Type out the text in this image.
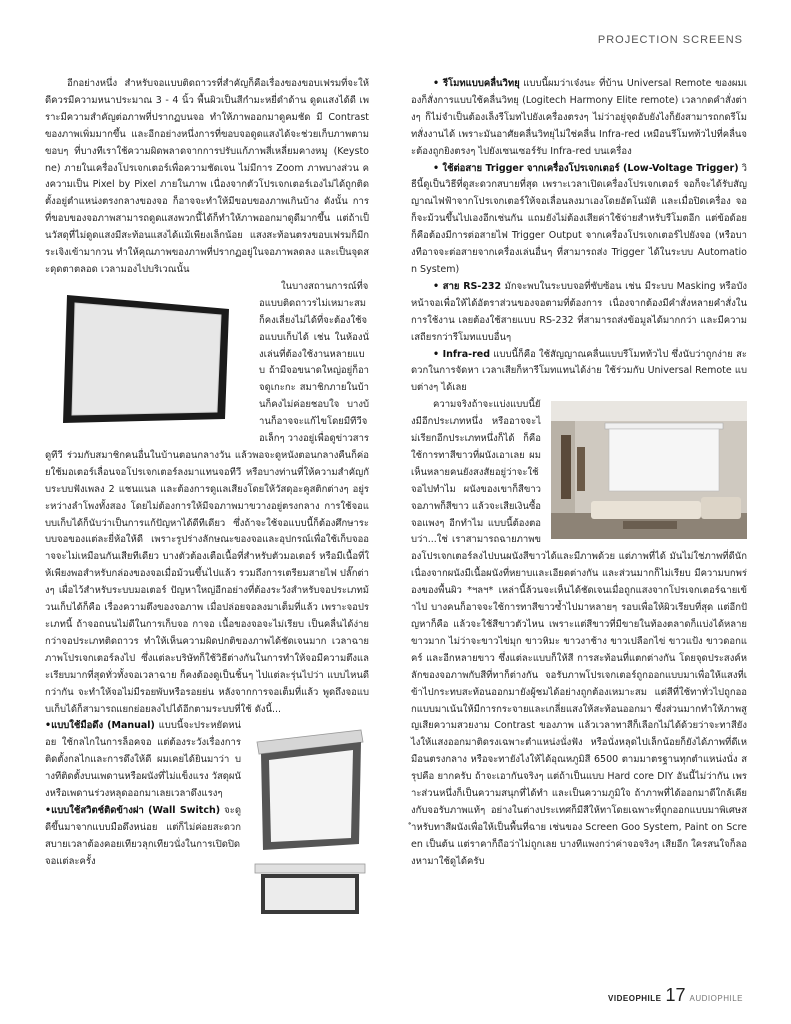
PROJECTION SCREENS

อีกอย่างหนึ่ง สำหรับจอแบบติดถาวรที่สำคัญก็คือเรื่องของขอบเฟรมที่จะให้ดีควรมีความหนาประมาณ 3 - 4 นิ้ว พื้นผิวเป็นสีกำมะหยี่ดำด้าน ดูดแสงได้ดี เพราะมีความสำคัญต่อภาพที่ปรากฏบนจอ ทำให้ภาพออกมาดูคมชัด มี Contrast ของภาพเพิ่มมากขึ้น และอีกอย่างหนึ่งการที่ขอบจอดูดแสงได้จะช่วยเก็บภาพตามขอบๆ ที่บางทีเราใช้ความผิดพลาดจากการปรับแก้ภาพสี่เหลี่ยมคางหมู (Keystone) ภายในเครื่องโปรเจกเตอร์เพื่อความชัดเจน ไม่มีการ Zoom ภาพบางส่วน คงความเป็น Pixel by Pixel ภายในภาพ เนื่องจากตัวโปรเจกเตอร์เองไม่ได้ถูกติดตั้งอยู่ตำแหน่งตรงกลางของจอ ก็อาจจะทำให้มีขอบของภาพเกินบ้าง ดังนั้น การที่ขอบของจอภาพสามารถดูดแสงพวกนี้ได้ก็ทำให้ภาพออกมาดูดีมากขึ้น แต่ถ้าเป็นวัสดุที่ไม่ดูดแสงมีสะท้อนแสงได้แม้เพียงเล็กน้อย แสงสะท้อนตรงขอบเฟรมก็มีกระเจิงเข้ามากวน ทำให้คุณภาพของภาพที่ปรากฏอยู่ในจอภาพลดลง และเป็นจุดสะดุดตาตลอด เวลามองไปบริเวณนั้น

ในบางสถานการณ์ที่จอแบบติดถาวรไม่เหมาะสมก็คงเลี่ยงไม่ได้ที่จะต้องใช้จอแบบเก็บได้ เช่น ในห้องนั่งเล่นที่ต้องใช้งานหลายแบบ ถ้ามีจอขนาดใหญ่อยู่ก็อาจดูเกะกะ สมาชิกภายในบ้านก็คงไม่ค่อยชอบใจ บางบ้านก็อาจจะแก้ไขโดยมีทีวีจอเล็กๆ วางอยู่เพื่อดูข่าวสาร ดูทีวี ร่วมกับสมาชิกคนอื่นในบ้านตอนกลางวัน แล้วพอจะดูหนังตอนกลางคืนก็ค่อยใช้มอเตอร์เลื่อนจอโปรเจกเตอร์ลงมาแทนจอทีวี หรือบางท่านที่ให้ความสำคัญกับระบบฟังเพลง 2 แชนแนล และต้องการดูแลเสียงโดยให้วัสดุอะคูสติกต่างๆ อยู่ระหว่างลำโพงทั้งสอง โดยไม่ต้องการให้มีจอภาพมาขวางอยู่ตรงกลาง การใช้จอแบบเก็บได้ก็นับว่าเป็นการแก้ปัญหาได้ดีทีเดียว ซึ่งถ้าจะใช้จอแบบนี้ก็ต้องศึกษาระบบจอของแต่ละยี่ห้อให้ดี เพราะรูปร่างลักษณะของจอและอุปกรณ์เพื่อใช้เก็บจออาจจะไม่เหมือนกันเสียทีเดียว บางตัวต้องเตือเนื้อที่สำหรับตัวมอเตอร์ หรือมีเนื้อที่ให้เพียงพอสำหรับกล่องของจอเมื่อม้วนขึ้นไปแล้ว รวมถึงการเตรียมสายไฟ ปลั๊กต่างๆ เผื่อไว้สำหรับระบบมอเตอร์ ปัญหาใหญ่อีกอย่างที่ต้องระวังสำหรับจอประเภทม้วนเก็บได้ก็คือ เรื่องความตึงของจอภาพ เมื่อปล่อยจอลงมาเต็มที่แล้ว เพราะจอประเภทนี้ ถ้าจอถนนไม่ดีในการเก็บจอ กาจอ เนื้อของจอจะไม่เรียบ เป็นคลื่นได้ง่ายกว่าจอประเภทติดถาวร ทำให้เห็นความผิดปกติของภาพได้ชัดเจนมาก เวลาฉายภาพโปรเจกเตอร์ลงไป ซึ่งแต่ละบริษัทก็ใช้วิธีต่างกันในการทำให้จอมีความตึงและเรียบมากที่สุดทั่วทั้งจอเวลาฉาย ก็คงต้องดูเป็นชิ้นๆ ไปแต่ละรุ่นไปว่า แบบไหนดีกว่ากัน จะทำให้จอไม่มีรอยพับหรือรอยย่น หลังจากการจอเต็มที่แล้ว พูดถึงจอแบบเก็บได้ก็สามารถแยกย่อยลงไปได้อีกตามระบบที่ใช้ ดังนี้...

•แบบใช้มือดึง (Manual) แบบนี้จะประหยัดหน่อย ใช้กลไกในการล็อคจอ แต่ต้องระวังเรื่องการติดตั้งกลไกและการดึงให้ดี ผมเคยได้ยินมาว่า บางทีติดตั้งบนเพดานหรือผนังที่ไม่แข็งแรง วัสดุผนังหรือเพดานร่วงหลุดออกมาเลยเวลาดึงแรงๆ

•แบบใช้สวิตช์ติดข้างฝา (Wall Switch) จะดูดีขึ้นมาจากแบบมือดึงหน่อย แต่ก็ไม่ค่อยสะดวกสบายเวลาต้องคอยเทียวลุกเทียวนั่งในการเปิดปิดจอแต่ละครั้ง

• รีโมทแบบคลื่นวิทยุ แบบนี้ผมว่าเจ๋งนะ ที่บ้าน Universal Remote ของผมเองก็สั่งการแบบใช้คลื่นวิทยุ (Logitech Harmony Elite remote) เวลากดคำสั่งต่างๆ ก็ไม่จำเป็นต้องเล็งรีโมทไปยังเครื่องตรงๆ ไม่ว่าอยู่จุดอับยังไงก็ยังสามารถกดรีโมทสั่งงานได้ เพราะมันอาศัยคลื่นวิทยุไม่ใช่คลื่น Infra-red เหมือนรีโมทท้วไปที่คลื่นจะต้องถูกยิงตรงๆ ไปยังเซนเซอร์รับ Infra-red บนเครื่อง

• ใช้ต่อสาย Trigger จากเครื่องโปรเจกเตอร์ (Low-Voltage Trigger) วิธีนี้ดูเป็นวิธีที่ดูสะดวกสบายที่สุด เพราะเวลาเปิดเครื่องโปรเจกเตอร์ จอก็จะได้รับสัญญาณไฟฟ้าจากโปรเจกเตอร์ให้จอเลื่อนลงมาเองโดยอัตโนมัติ และเมื่อปิดเครื่อง จอก็จะม้วนขึ้นไปเองอีกเช่นกัน แถมยังไม่ต้องเสียค่าใช้จ่ายสำหรับรีโมตอีก แต่ข้อด้อยก็คือต้องมีการต่อสายไฟ Trigger Output จากเครื่องโปรเจกเตอร์ไปยังจอ (หรือบางทีอาจจะต่อสายจากเครื่องเล่นอื่นๆ ที่สามารถส่ง Trigger ได้ในระบบ Automation System)

• สาย RS-232 มักจะพบในระบบจอที่ซับซ้อน เช่น มีระบบ Masking หรือบังหน้าจอเพื่อให้ได้อัตราส่วนของจอตามที่ต้องการ เนื่องจากต้องมีคำสั่งหลายคำสั่งในการใช้งาน เลยต้องใช้สายแบบ RS-232 ที่สามารถส่งข้อมูลได้มากกว่า และมีความเสถียรกว่ารีโมทแบบอื่นๆ

• Infra-red แบบนี้ก็คือ ใช้สัญญาณคลื่นแบบรีโมทท้วไป ซึ่งนับว่าถูกง่าย สะดวกในการจัดหา เวลาเสียก็หารีโมทแทนได้ง่าย ใช้ร่วมกับ Universal Remote แบบต่างๆ ได้เลย

ความจริงถ้าจะแบ่งแบบนี้ยังมีอีกประเภทหนึ่ง หรืออาจจะไม่เรียกอีกประเภทหนึ่งก็ได้ ก็คือ ใช้การทาสีขาวที่ผนังเอาเลย ผมเห็นหลายคนยังสงสัยอยู่ว่าจะใช้จอไปทำไม ผนังของเขาก็สีขาว จอภาพก็สีขาว แล้วจะเสียเงินซื้อจอแพงๆ อีกทำไม แบบนี้ต้องตอบว่า...ใช่ เราสามารถฉายภาพของโปรเจกเตอร์ลงไปบนผนังสีขาวได้และมีภาพด้วย แต่ภาพที่ได้ มันไม่ใช่ภาพที่ดีนัก เนื่องจากผนังมีเนื้อผนังที่หยาบและเอียดต่างกัน และส่วนมากก็ไม่เรียบ มีความบกพร่องของพื้นผิว *ฯลฯ* เหล่านี้ล้วนจะเห็นได้ชัดเจนเมื่อถูกแสงจากโปรเจกเตอร์ฉายเข้าไป บางคนก็อาจจะใช้การทาสีขาวซ้ำไปมาหลายๆ รอบเพื่อให้ผิวเรียบที่สุด แต่อีกปัญหาก็คือ แล้วจะใช้สีขาวตัวไหน เพราะแต่สีขาวที่มีขายในท้องตลาดก็แบ่งได้หลายขาวมาก ไม่ว่าจะขาวไข่มุก ขาวหิมะ ขาวงาช้าง ขาวเปลือกไข่ ขาวแป้ง ขาวดอกแคร์ และอีกหลายขาว ซึ่งแต่ละแบบก็ให้สี การสะท้อนที่แตกต่างกัน โดยจุดประสงค์หลักของจอภาพกับสีที่ทาก็ต่างกัน จอรับภาพโปรเจกเตอร์ถูกออกแบบมาเพื่อให้แสงที่เข้าไปกระทบสะท้อนออกมายังผู้ชมได้อย่างถูกต้องเหมาะสม แต่สีที่ใช้ทาทั่วไปถูกออกแบบมาเน้นให้มีการกระจายและเกลี่ยแสงให้สะท้อนออกมา ซึ่งส่วนมากทำให้ภาพสูญเสียความสวยงาม Contrast ของภาพ แล้วเวลาทาสีก็เลือกไม่ได้ด้วยว่าจะทาสียังไงให้แสงออกมาติดรงเฉพาะตำแหน่งนั่งฟัง หรือนั่งหลุดไปเล็กน้อยก็ยังได้ภาพที่ดีเหมือนตรงกลาง หรือจะทายังไงให้ได้อุณหภูมิสี 6500 ตามมาตรฐานทุกตำแหน่งนั่ง สรุปคือ ยากครับ ถ้าจะเอากันจริงๆ แต่ถ้าเป็นแบบ Hard core DIY อันนี้ไม่ว่ากัน เพราะส่วนหนึ่งก็เป็นความสนุกที่ได้ทำ และเป็นความภูมิใจ ถ้าภาพที่ได้ออกมาดีใกล้เคียงกับจอรับภาพแท้ๆ อย่างในต่างประเทศก็มีสีให้ทาโดยเฉพาะที่ถูกออกแบบมาพิเศษสำหรับทาสีผนังเพื่อให้เป็นพื้นที่ฉาย เช่นของ Screen Goo System, Paint on Screen เป็นต้น แต่ราคาก็ถือว่าไม่ถูกเลย บางทีแพงกว่าค่าจอจริงๆ เสียอีก ใครสนใจก็ลองหามาใช้ดูได้ครับ

VIDEOPHILE 17 AUDIOPHILE
